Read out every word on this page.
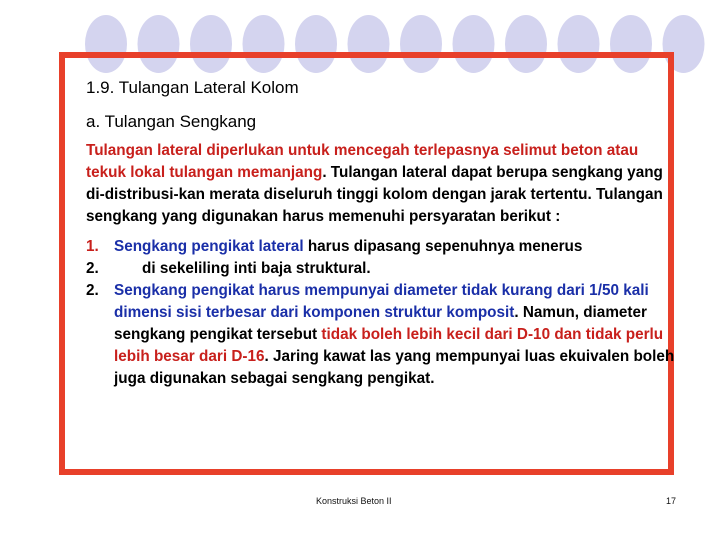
1.9. Tulangan Lateral Kolom
a. Tulangan Sengkang

Tulangan lateral diperlukan untuk mencegah terlepasnya selimut beton atau tekuk lokal tulangan memanjang. Tulangan lateral dapat berupa sengkang yang di-distribusi-kan merata diseluruh tinggi kolom dengan jarak tertentu. Tulangan sengkang yang digunakan harus memenuhi persyaratan berikut :

1. Sengkang pengikat lateral harus dipasang sepenuhnya menerus
2.	di sekeliling inti baja struktural.
2. Sengkang pengikat harus mempunyai diameter tidak kurang dari 1/50 kali dimensi sisi terbesar dari komponen struktur komposit. Namun, diameter sengkang pengikat tersebut tidak boleh lebih kecil dari D-10 dan tidak perlu lebih besar dari D-16. Jaring kawat las yang mempunyai luas ekuivalen boleh juga digunakan sebagai sengkang pengikat.
Konstruksi Beton II	17
